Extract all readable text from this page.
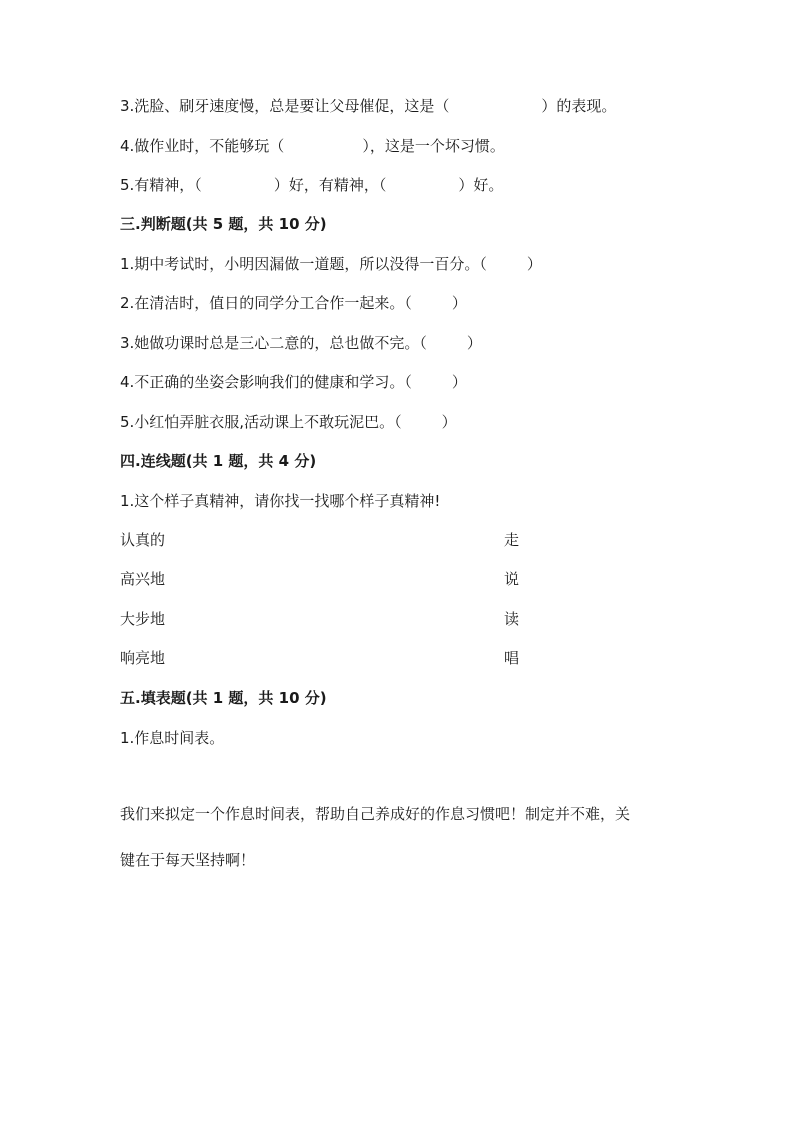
3.洗脸、刷牙速度慢，总是要让父母催促，这是（	）的表现。
4.做作业时，不能够玩（	），这是一个坏习惯。
5.有精神，（	）好，有精神，（	）好。
三.判断题(共 5 题，共 10 分)
1.期中考试时，小明因漏做一道题，所以没得一百分。（	）
2.在清洁时，值日的同学分工合作一起来。（	）
3.她做功课时总是三心二意的，总也做不完。（	）
4.不正确的坐姿会影响我们的健康和学习。（	）
5.小红怕弄脏衣服,活动课上不敢玩泥巴。（	）
四.连线题(共 1 题，共 4 分)
1.这个样子真精神，请你找一找哪个样子真精神!
认真的	走
高兴地	说
大步地	读
响亮地	唱
五.填表题(共 1 题，共 10 分)
1.作息时间表。
我们来拟定一个作息时间表，帮助自己养成好的作息习惯吧！制定并不难，关
键在于每天坚持啊！
